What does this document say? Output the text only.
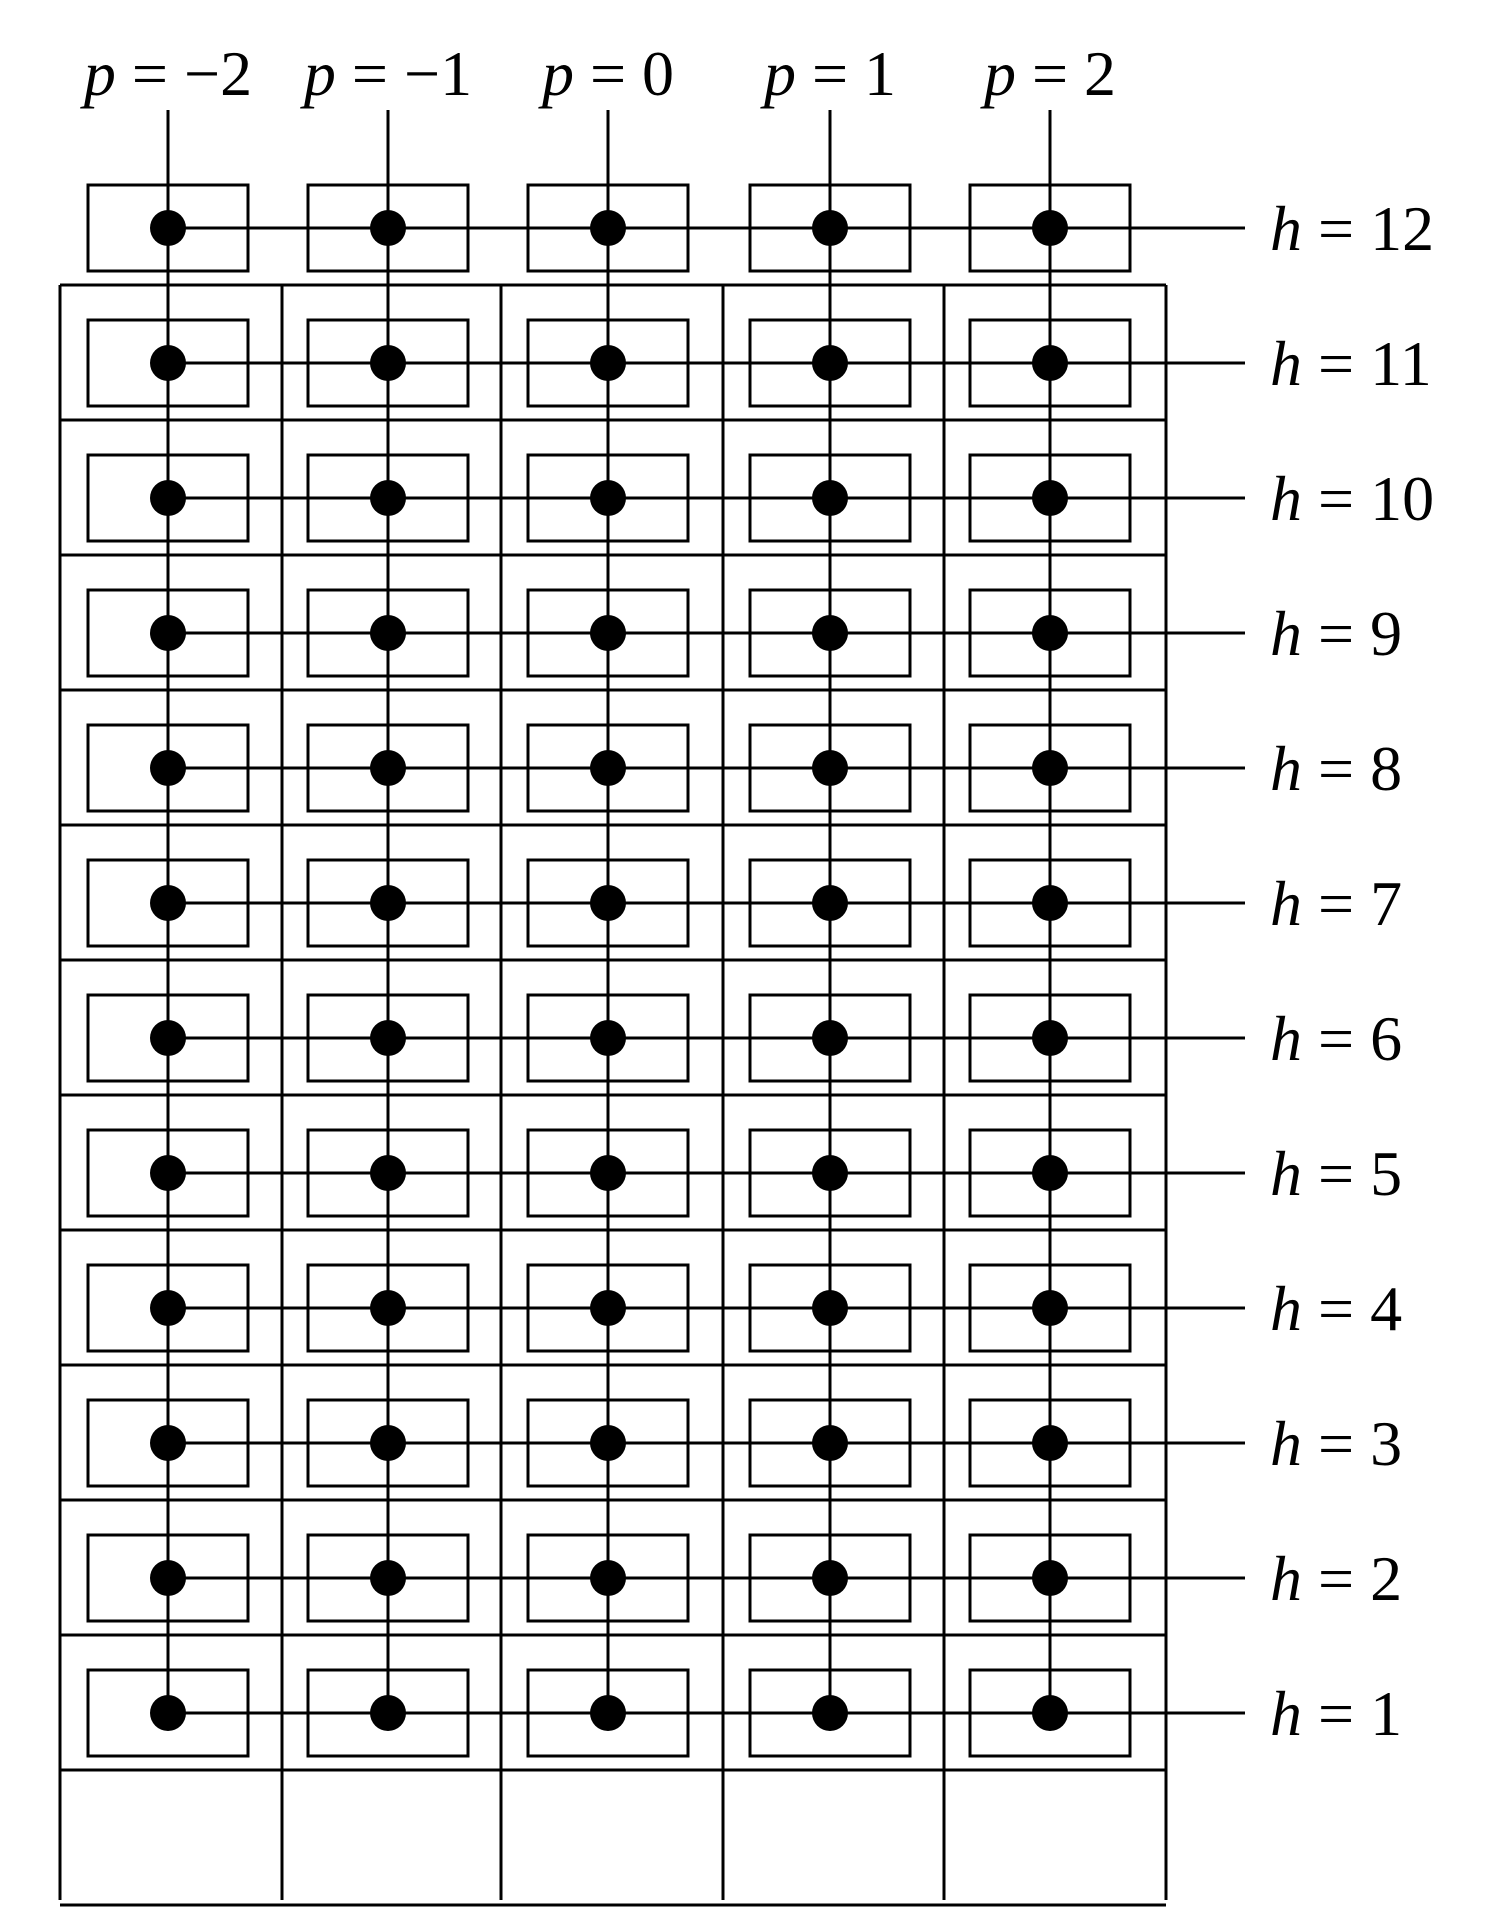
p = −2 p = −1 p = 0 p = 1 p = 2
h = 12
h = 11
h = 10
h = 9
h = 8
h = 7
h = 6
h = 5
h = 4
h = 3
h = 2
h = 1
